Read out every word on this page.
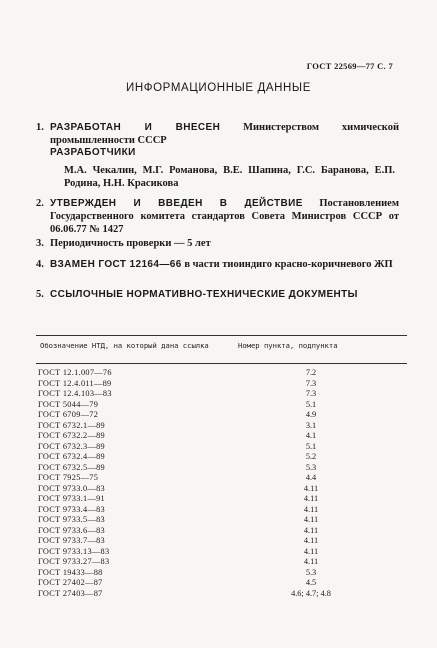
ГОСТ 22569—77 С. 7
ИНФОРМАЦИОННЫЕ ДАННЫЕ
1. РАЗРАБОТАН И ВНЕСЕН Министерством химической промышленности СССР
РАЗРАБОТЧИКИ
М.А. Чекалин, М.Г. Романова, В.Е. Шапина, Г.С. Баранова, Е.П. Родина, Н.Н. Красикова
2. УТВЕРЖДЕН И ВВЕДЕН В ДЕЙСТВИЕ Постановлением Государственного комитета стандартов Совета Министров СССР от 06.06.77 № 1427
3. Периодичность проверки — 5 лет
4. ВЗАМЕН ГОСТ 12164—66 в части тиоиндиго красно-коричневого ЖП
5. ССЫЛОЧНЫЕ НОРМАТИВНО-ТЕХНИЧЕСКИЕ ДОКУМЕНТЫ
Обозначение НТД, на который дана ссылка	Номер пункта, подпункта
ГОСТ 12.1.007—76	7.2
ГОСТ 12.4.011—89	7.3
ГОСТ 12.4.103—83	7.3
ГОСТ 5044—79	5.1
ГОСТ 6709—72	4.9
ГОСТ 6732.1—89	3.1
ГОСТ 6732.2—89	4.1
ГОСТ 6732.3—89	5.1
ГОСТ 6732.4—89	5.2
ГОСТ 6732.5—89	5.3
ГОСТ 7925—75	4.4
ГОСТ 9733.0—83	4.11
ГОСТ 9733.1—91	4.11
ГОСТ 9733.4—83	4.11
ГОСТ 9733.5—83	4.11
ГОСТ 9733.6—83	4.11
ГОСТ 9733.7—83	4.11
ГОСТ 9733.13—83	4.11
ГОСТ 9733.27—83	4.11
ГОСТ 19433—88	5.3
ГОСТ 27402—87	4.5
ГОСТ 27403—87	4.6; 4.7; 4.8
